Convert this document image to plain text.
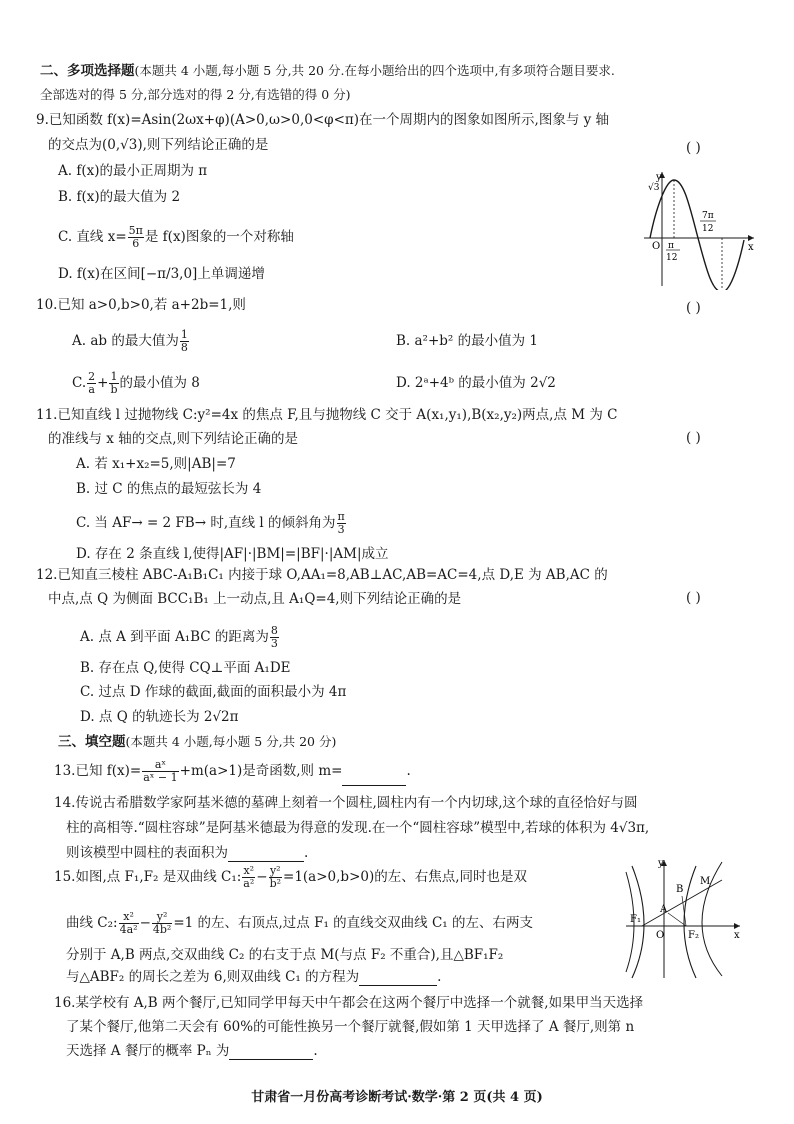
二、多项选择题(本题共 4 小题,每小题 5 分,共 20 分.在每小题给出的四个选项中,有多项符合题目要求.
全部选对的得 5 分,部分选对的得 2 分,有选错的得 0 分)
9.已知函数 f(x)=Asin(2ωx+φ)(A>0,ω>0,0<φ<π)在一个周期内的图象如图所示,图象与 y 轴
的交点为(0,√3),则下列结论正确的是	( )
A. f(x)的最小正周期为 π
B. f(x)的最大值为 2
C. 直线 $x= \frac{5\pi}{6}$ 是 f(x)图象的一个对称轴
D. f(x)在区间[−π/3,0]上单调递增
y
x
O
√3
π
12
7π
12
10.已知 a>0,b>0,若 a+2b=1,则	( )
A. ab 的最大值为 $\frac{1}{8}$	B. a²+b² 的最小值为 1
C. $\frac{2}{a} + \frac{1}{b}$ 的最小值为 8	D. 2ᵃ+4ᵇ 的最小值为 2√2
11.已知直线 l 过抛物线 C:y²=4x 的焦点 F,且与抛物线 C 交于 A(x₁,y₁),B(x₂,y₂)两点,点 M 为 C
的准线与 x 轴的交点,则下列结论正确的是	( )
A. 若 x₁+x₂=5,则|AB|=7
B. 过 C 的焦点的最短弦长为 4
C. 当 AF→ = 2 FB→ 时,直线 l 的倾斜角为 $\frac{\pi}{3}$
D. 存在 2 条直线 l,使得|AF|·|BM|=|BF|·|AM|成立
12.已知直三棱柱 ABC-A₁B₁C₁ 内接于球 O,AA₁=8,AB⊥AC,AB=AC=4,点 D,E 为 AB,AC 的
中点,点 Q 为侧面 BCC₁B₁ 上一动点,且 A₁Q=4,则下列结论正确的是	( )
A. 点 A 到平面 A₁BC 的距离为 $\frac{8}{3}$
B. 存在点 Q,使得 CQ⊥平面 A₁DE
C. 过点 D 作球的截面,截面的面积最小为 4π
D. 点 Q 的轨迹长为 2√2π
三、填空题(本题共 4 小题,每小题 5 分,共 20 分)
13.已知 $f(x)= \frac{\text{aˣ}}{\text{aˣ − 1}} +m(a>1)$是奇函数,则 m=	.
14.传说古希腊数学家阿基米德的墓碑上刻着一个圆柱,圆柱内有一个内切球,这个球的直径恰好与圆
柱的高相等.“圆柱容球”是阿基米德最为得意的发现.在一个“圆柱容球”模型中,若球的体积为 4√3π,
则该模型中圆柱的表面积为	.
15.如图,点 F₁,F₂ 是双曲线 C₁: $\frac{\text{x²}}{\text{a²}} - \frac{\text{y²}}{\text{b²}} =1(a>0,b>0)$的左、右焦点,同时也是双
曲线 C₂: $\frac{\text{x²}}{\text{4a²}} - \frac{\text{y²}}{\text{4b²}} =1$ 的左、右顶点,过点 F₁ 的直线交双曲线 C₁ 的左、右两支
分别于 A,B 两点,交双曲线 C₂ 的右支于点 M(与点 F₂ 不重合),且△BF₁F₂
与△ABF₂ 的周长之差为 6,则双曲线 C₁ 的方程为	.
y
x
O
F₁
F₂
A
B
M
16.某学校有 A,B 两个餐厅,已知同学甲每天中午都会在这两个餐厅中选择一个就餐,如果甲当天选择
了某个餐厅,他第二天会有 60%的可能性换另一个餐厅就餐,假如第 1 天甲选择了 A 餐厅,则第 n
天选择 A 餐厅的概率 Pₙ 为	.
甘肃省一月份高考诊断考试·数学·第 2 页(共 4 页)
